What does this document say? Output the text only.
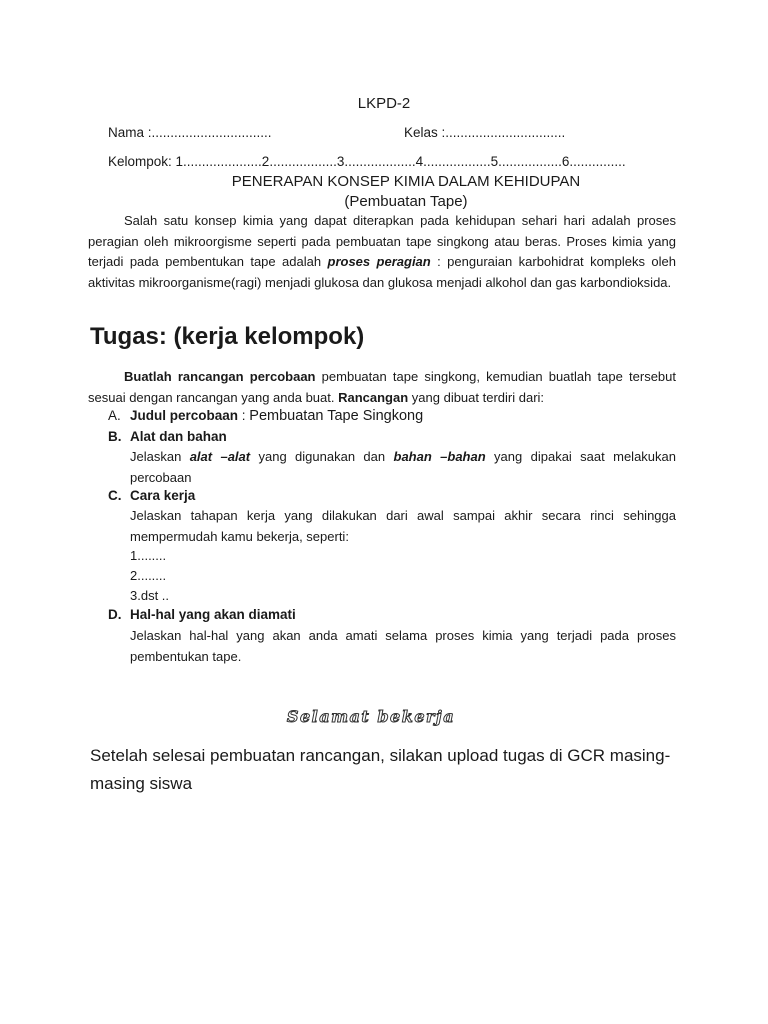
LKPD-2
Nama :................................	Kelas :................................
Kelompok: 1.....................2..................3...................4..................5.................6...............
PENERAPAN KONSEP KIMIA DALAM KEHIDUPAN
(Pembuatan Tape)
Salah satu konsep kimia yang dapat diterapkan pada kehidupan sehari hari adalah proses peragian oleh mikroorgisme seperti pada pembuatan tape singkong atau beras. Proses kimia yang terjadi pada pembentukan tape adalah proses peragian : penguraian karbohidrat kompleks oleh aktivitas mikroorganisme(ragi) menjadi glukosa dan glukosa menjadi alkohol dan gas karbondioksida.
Tugas: (kerja kelompok)
Buatlah rancangan percobaan pembuatan tape singkong, kemudian buatlah tape tersebut sesuai dengan rancangan yang anda buat. Rancangan yang dibuat terdiri dari:
A. Judul percobaan : Pembuatan Tape Singkong
B. Alat dan bahan
Jelaskan alat –alat yang digunakan dan bahan –bahan yang dipakai saat melakukan percobaan
C. Cara kerja
Jelaskan tahapan kerja yang dilakukan dari awal sampai akhir secara rinci sehingga mempermudah kamu bekerja, seperti:
1........
2........
3.dst ..
D. Hal-hal yang akan diamati
Jelaskan hal-hal yang akan anda amati selama proses kimia yang terjadi pada proses pembentukan tape.
Selamat bekerja
Setelah selesai pembuatan rancangan, silakan upload tugas di GCR masing-masing siswa
